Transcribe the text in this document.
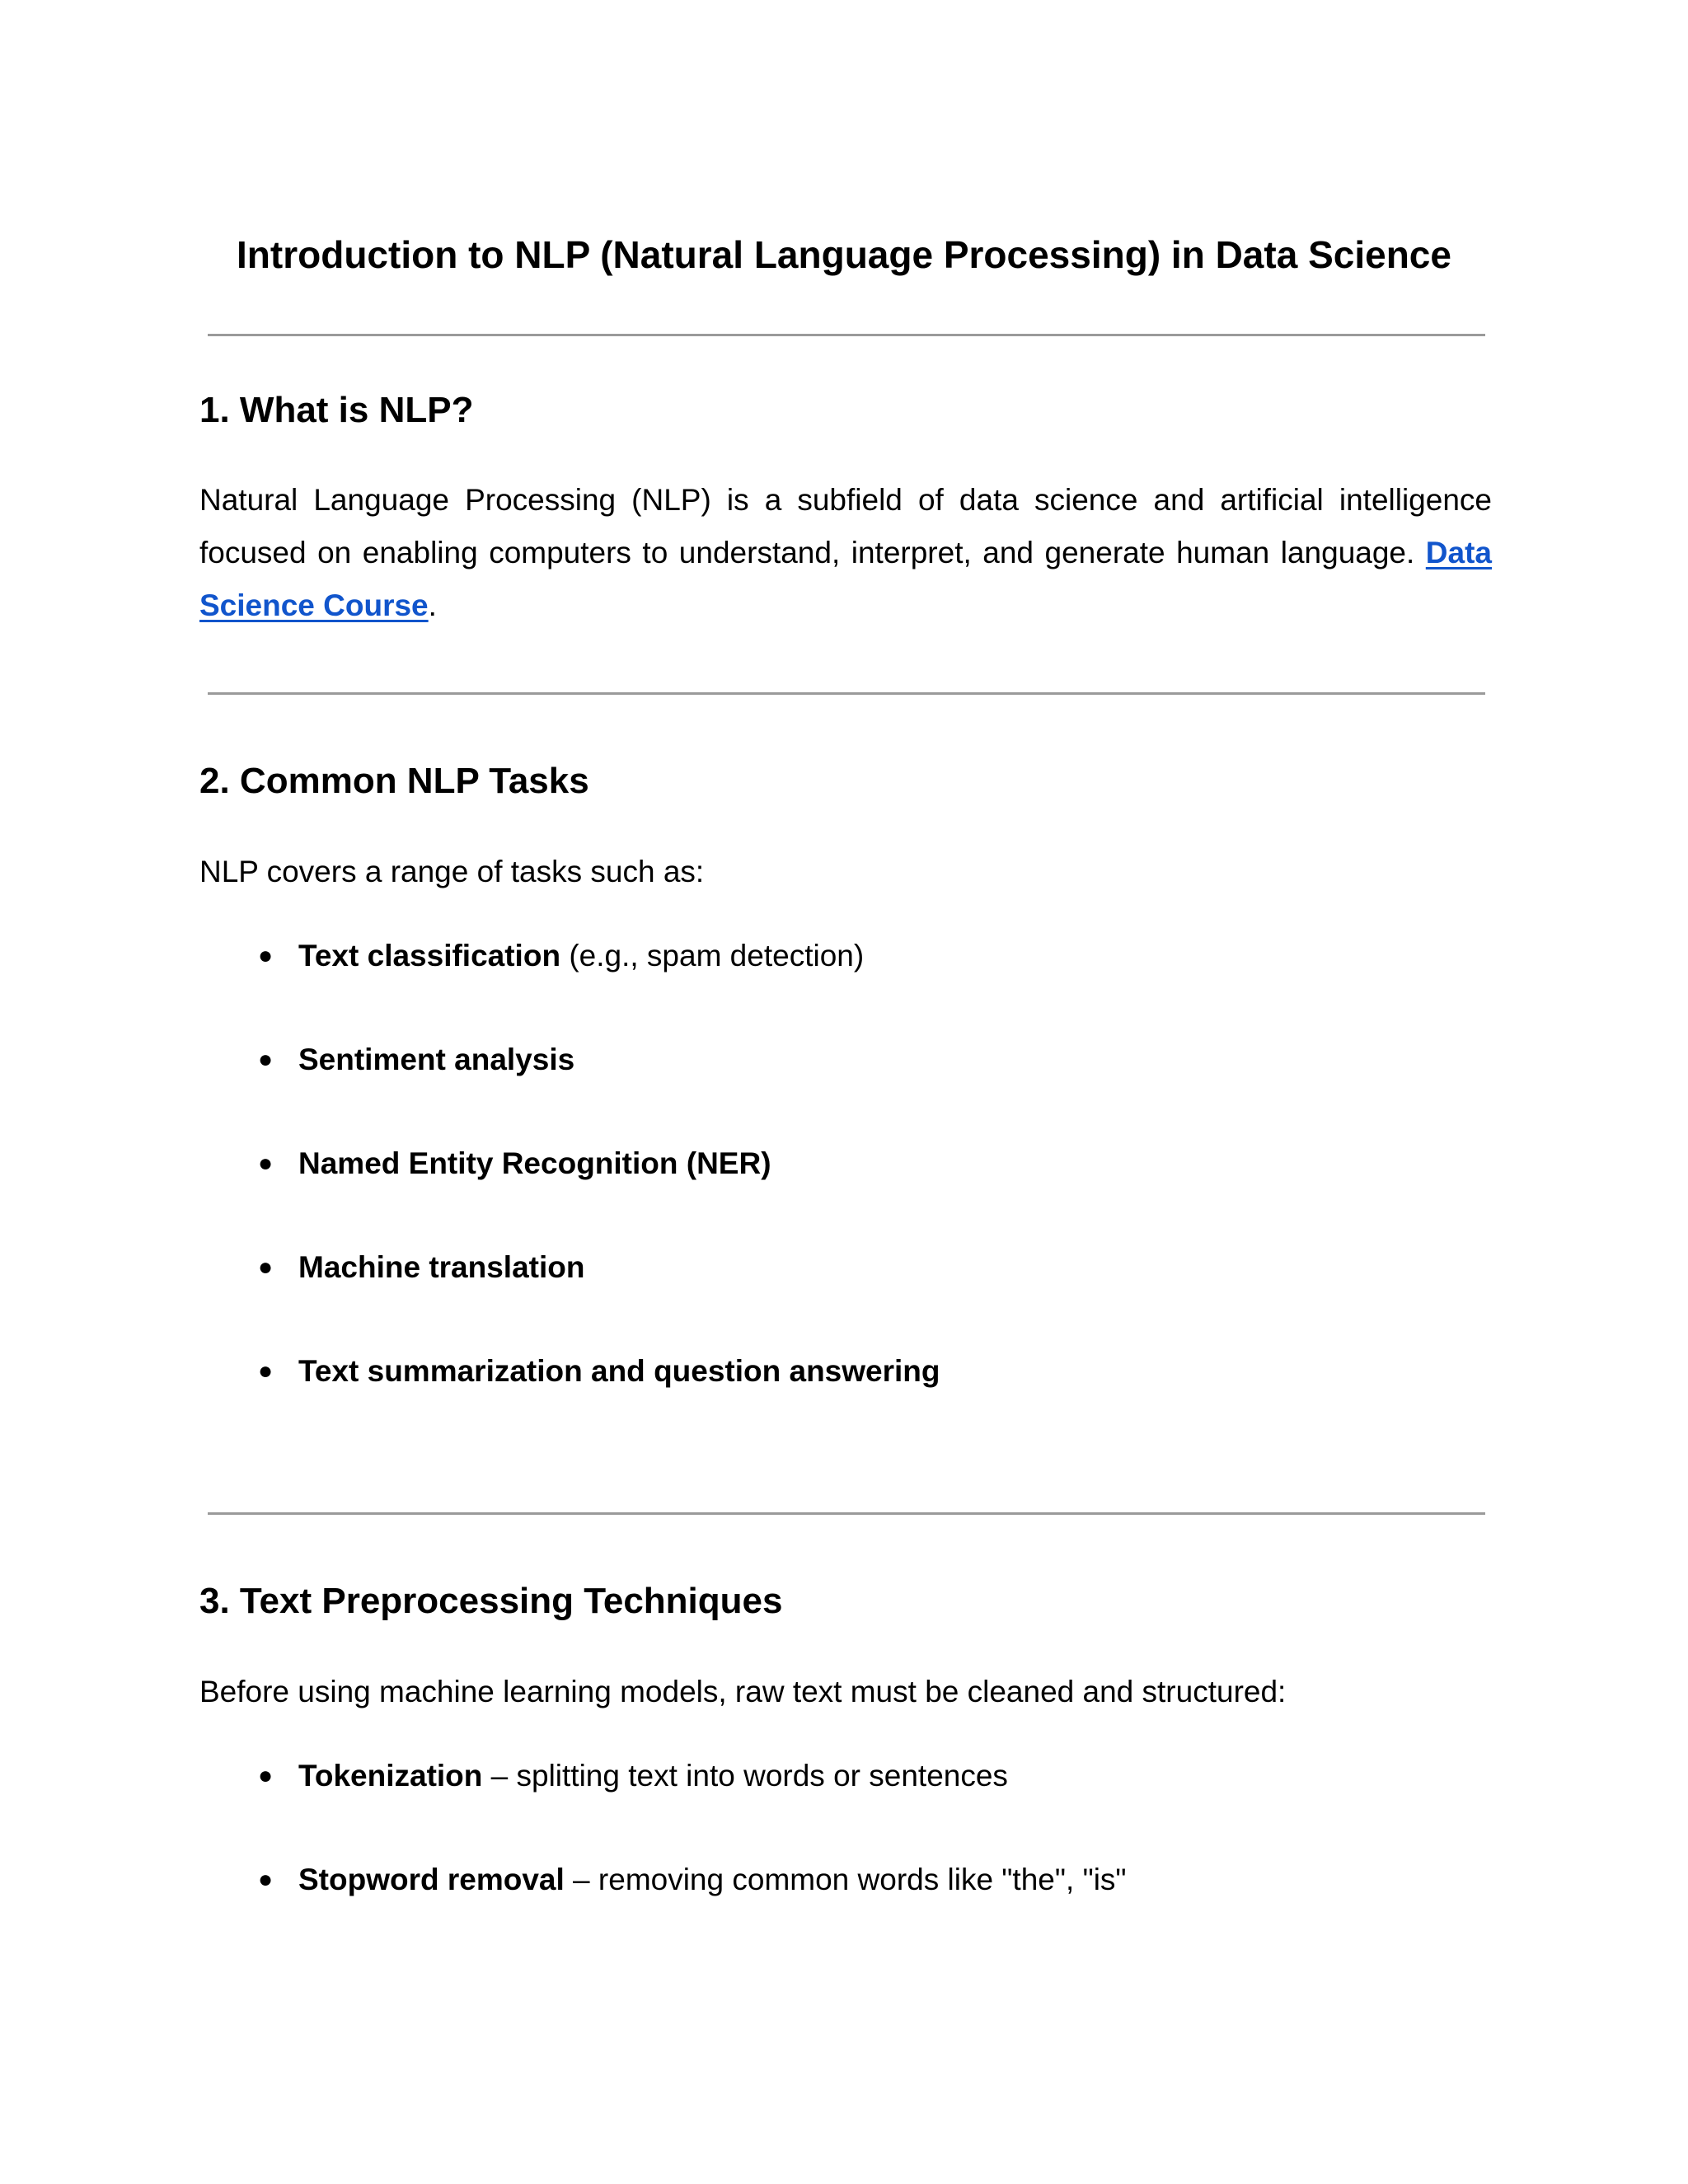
Introduction to NLP (Natural Language Processing) in Data Science
1. What is NLP?

Natural Language Processing (NLP) is a subfield of data science and artificial intelligence focused on enabling computers to understand, interpret, and generate human language. Data Science Course.

2. Common NLP Tasks

NLP covers a range of tasks such as:

● Text classification (e.g., spam detection)
● Sentiment analysis
● Named Entity Recognition (NER)
● Machine translation
● Text summarization and question answering
3. Text Preprocessing Techniques

Before using machine learning models, raw text must be cleaned and structured:

● Tokenization – splitting text into words or sentences
● Stopword removal – removing common words like "the", "is"
